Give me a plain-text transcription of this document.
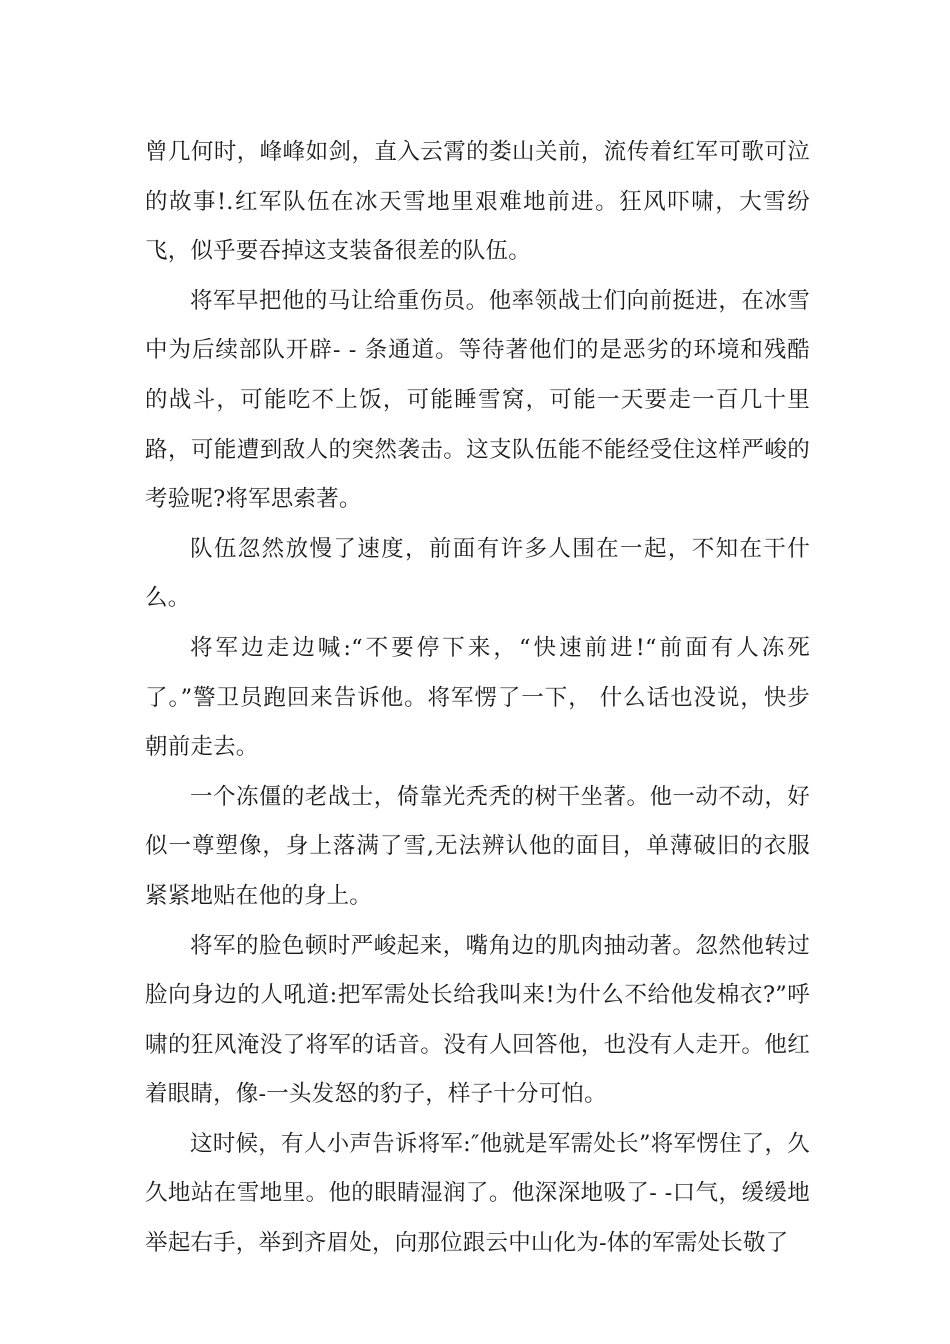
曾几何时，峰峰如剑，直入云霄的娄山关前，流传着红军可歌可泣的故事!.红军队伍在冰天雪地里艰难地前进。狂风吓啸，大雪纷飞，似乎要吞掉这支装备很差的队伍。

将军早把他的马让给重伤员。他率领战士们向前挺进，在冰雪中为后续部队开辟- - 条通道。等待著他们的是恶劣的环境和残酷的战斗，可能吃不上饭，可能睡雪窝，可能一天要走一百几十里路，可能遭到敌人的突然袭击。这支队伍能不能经受住这样严峻的考验呢?将军思索著。

队伍忽然放慢了速度，前面有许多人围在一起，不知在干什么。

将军边走边喊:“不要停下来，“快速前进!“前面有人冻死了。”警卫员跑回来告诉他。将军愣了一下， 什么话也没说，快步朝前走去。

一个冻僵的老战士，倚靠光秃秃的树干坐著。他一动不动，好似一尊塑像，身上落满了雪,无法辨认他的面目，单薄破旧的衣服紧紧地贴在他的身上。

将军的脸色顿时严峻起来，嘴角边的肌肉抽动著。忽然他转过脸向身边的人吼道:把军需处长给我叫来!为什么不给他发棉衣?”呼啸的狂风淹没了将军的话音。没有人回答他，也没有人走开。他红着眼睛，像-一头发怒的豹子，样子十分可怕。

这时候，有人小声告诉将军:″他就是军需处长”将军愣住了，久久地站在雪地里。他的眼睛湿润了。他深深地吸了- -口气，缓缓地举起右手，举到齐眉处，向那位跟云中山化为-体的军需处长敬了
